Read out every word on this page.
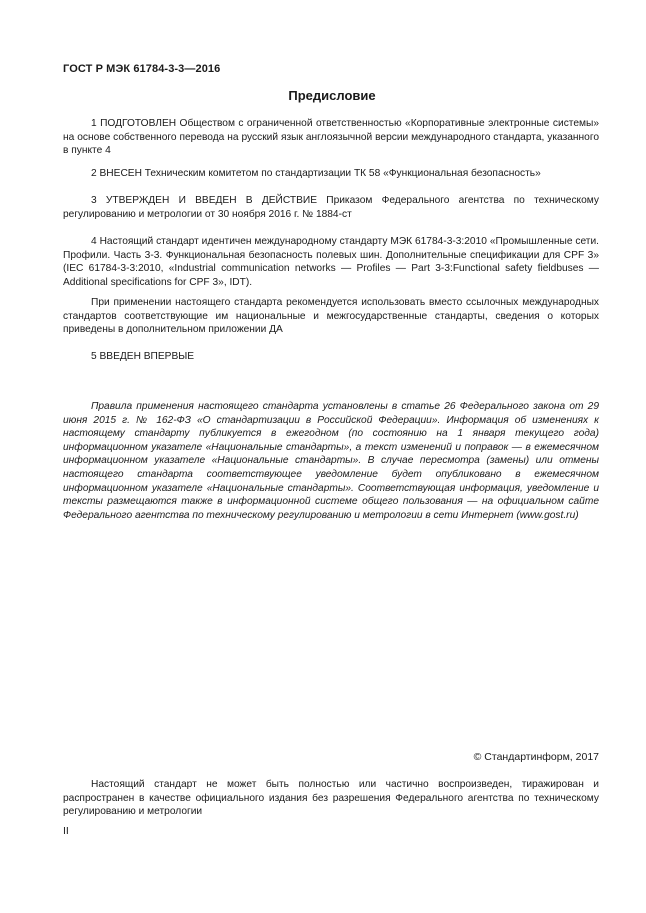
ГОСТ Р МЭК 61784-3-3—2016
Предисловие

1 ПОДГОТОВЛЕН Обществом с ограниченной ответственностью «Корпоративные электронные системы» на основе собственного перевода на русский язык англоязычной версии международного стандарта, указанного в пункте 4

2 ВНЕСЕН Техническим комитетом по стандартизации ТК 58 «Функциональная безопасность»

3 УТВЕРЖДЕН И ВВЕДЕН В ДЕЙСТВИЕ Приказом Федерального агентства по техническому регулированию и метрологии от 30 ноября 2016 г. № 1884-ст

4 Настоящий стандарт идентичен международному стандарту МЭК 61784-3-3:2010 «Промышленные сети. Профили. Часть 3-3. Функциональная безопасность полевых шин. Дополнительные спецификации для CPF 3» (IEC 61784-3-3:2010, «Industrial communication networks — Profiles — Part 3-3:Functional safety fieldbuses — Additional specifications for CPF 3», IDT).

При применении настоящего стандарта рекомендуется использовать вместо ссылочных международных стандартов соответствующие им национальные и межгосударственные стандарты, сведения о которых приведены в дополнительном приложении ДА

5 ВВЕДЕН ВПЕРВЫЕ

Правила применения настоящего стандарта установлены в статье 26 Федерального закона от 29 июня 2015 г. № 162-ФЗ «О стандартизации в Российской Федерации». Информация об изменениях к настоящему стандарту публикуется в ежегодном (по состоянию на 1 января текущего года) информационном указателе «Национальные стандарты», а текст изменений и поправок — в ежемесячном информационном указателе «Национальные стандарты». В случае пересмотра (замены) или отмены настоящего стандарта соответствующее уведомление будет опубликовано в ежемесячном информационном указателе «Национальные стандарты». Соответствующая информация, уведомление и тексты размещаются также в информационной системе общего пользования — на официальном сайте Федерального агентства по техническому регулированию и метрологии в сети Интернет (www.gost.ru)

© Стандартинформ, 2017

Настоящий стандарт не может быть полностью или частично воспроизведен, тиражирован и распространен в качестве официального издания без разрешения Федерального агентства по техническому регулированию и метрологии

II
